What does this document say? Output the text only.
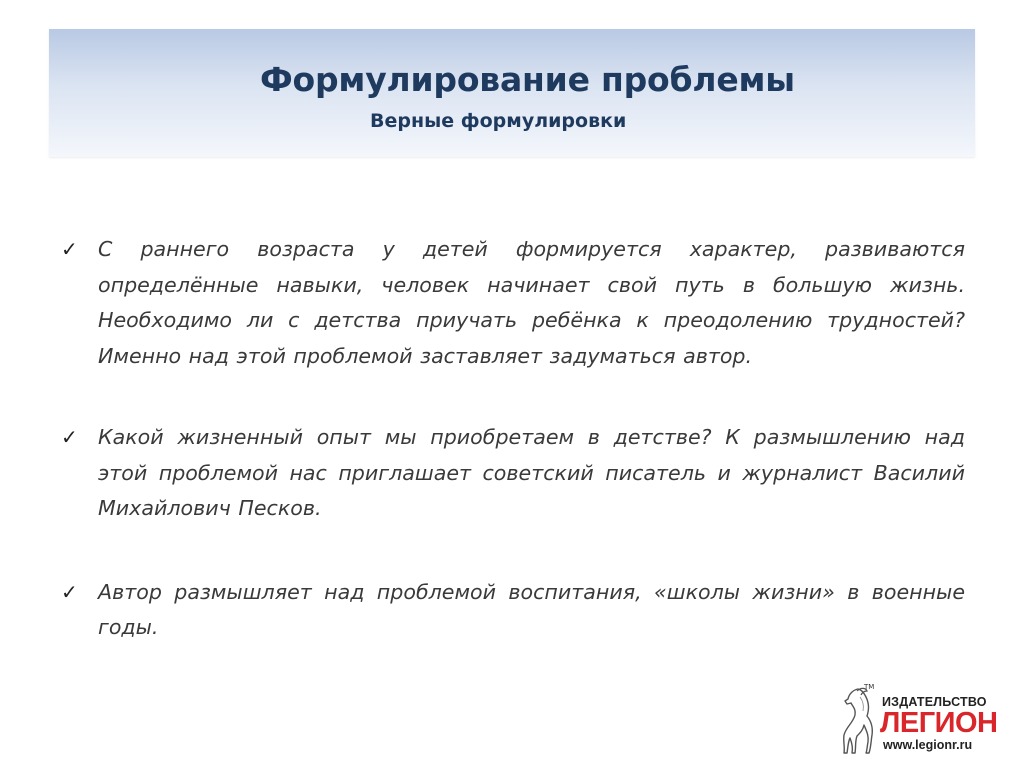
Формулирование проблемы
Верные формулировки
✓ С раннего возраста у детей формируется характер, развиваются определённые навыки, человек начинает свой путь в большую жизнь. Необходимо ли с детства приучать ребёнка к преодолению трудностей? Именно над этой проблемой заставляет задуматься автор.
✓ Какой жизненный опыт мы приобретаем в детстве? К размышлению над этой проблемой нас приглашает советский писатель и журналист Василий Михайлович Песков.
✓ Автор размышляет над проблемой воспитания, «школы жизни» в военные годы.
TM
ИЗДАТЕЛЬСТВО
ЛЕГИОН
www.legionr.ru
